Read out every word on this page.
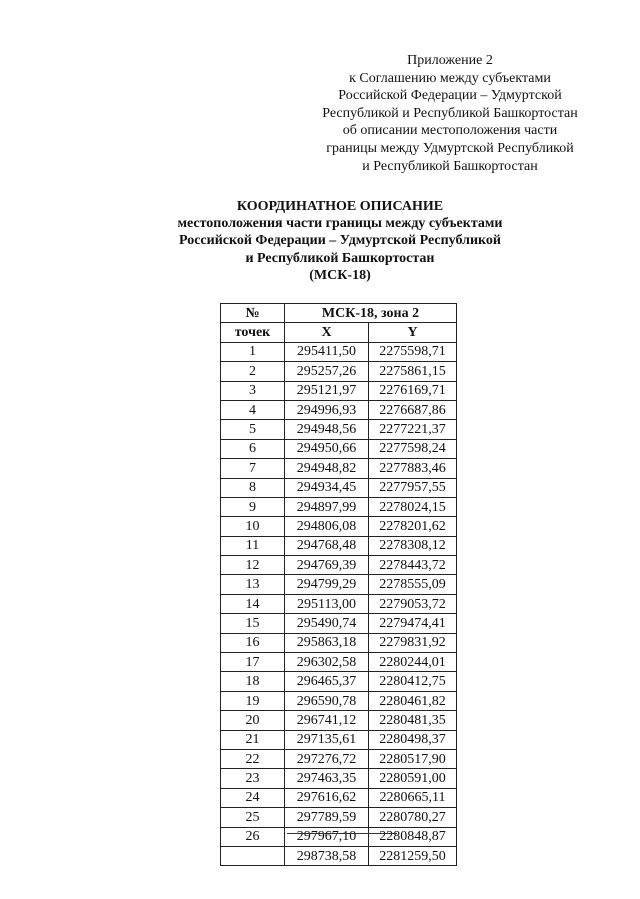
Приложение 2
к Соглашению между субъектами
Российской Федерации – Удмуртской
Республикой и Республикой Башкортостан
об описании местоположения части
границы между Удмуртской Республикой
и Республикой Башкортостан
КООРДИНАТНОЕ ОПИСАНИЕ
местоположения части границы между субъектами
Российской Федерации – Удмуртской Республикой
и Республикой Башкортостан
(МСК-18)
№	МСК-18, зона 2	
точек	X	Y
1	295411,50	2275598,71
2	295257,26	2275861,15
3	295121,97	2276169,71
4	294996,93	2276687,86
5	294948,56	2277221,37
6	294950,66	2277598,24
7	294948,82	2277883,46
8	294934,45	2277957,55
9	294897,99	2278024,15
10	294806,08	2278201,62
11	294768,48	2278308,12
12	294769,39	2278443,72
13	294799,29	2278555,09
14	295113,00	2279053,72
15	295490,74	2279474,41
16	295863,18	2279831,92
17	296302,58	2280244,01
18	296465,37	2280412,75
19	296590,78	2280461,82
20	296741,12	2280481,35
21	297135,61	2280498,37
22	297276,72	2280517,90
23	297463,35	2280591,00
24	297616,62	2280665,11
25	297789,59	2280780,27
26	297967,10	2280848,87
	298738,58	2281259,50
